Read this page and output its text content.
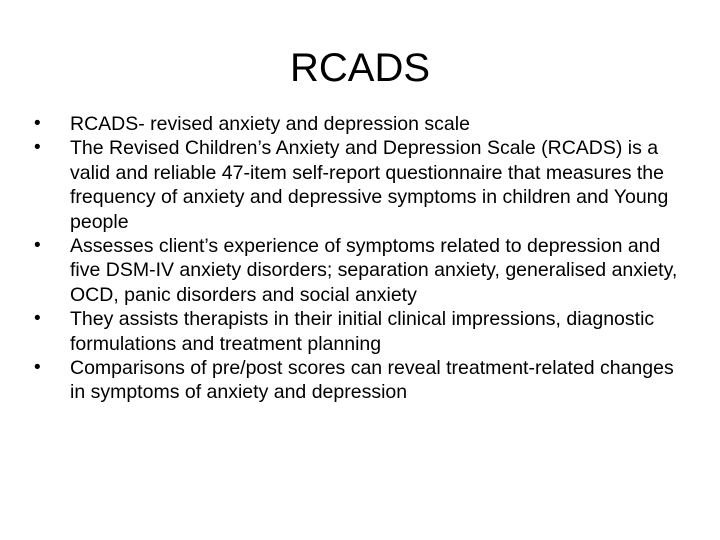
RCADS
•	RCADS- revised anxiety and depression scale
•	The Revised Children’s Anxiety and Depression Scale (RCADS) is a valid and reliable 47-item self-report questionnaire that measures the frequency of anxiety and depressive symptoms in children and Young people
•	Assesses client’s experience of symptoms related to depression and five DSM-IV anxiety disorders; separation anxiety, generalised anxiety, OCD, panic disorders and social anxiety
•	They assists therapists in their initial clinical impressions, diagnostic formulations and treatment planning
•	Comparisons of pre/post scores can reveal treatment-related changes in symptoms of anxiety and depression
